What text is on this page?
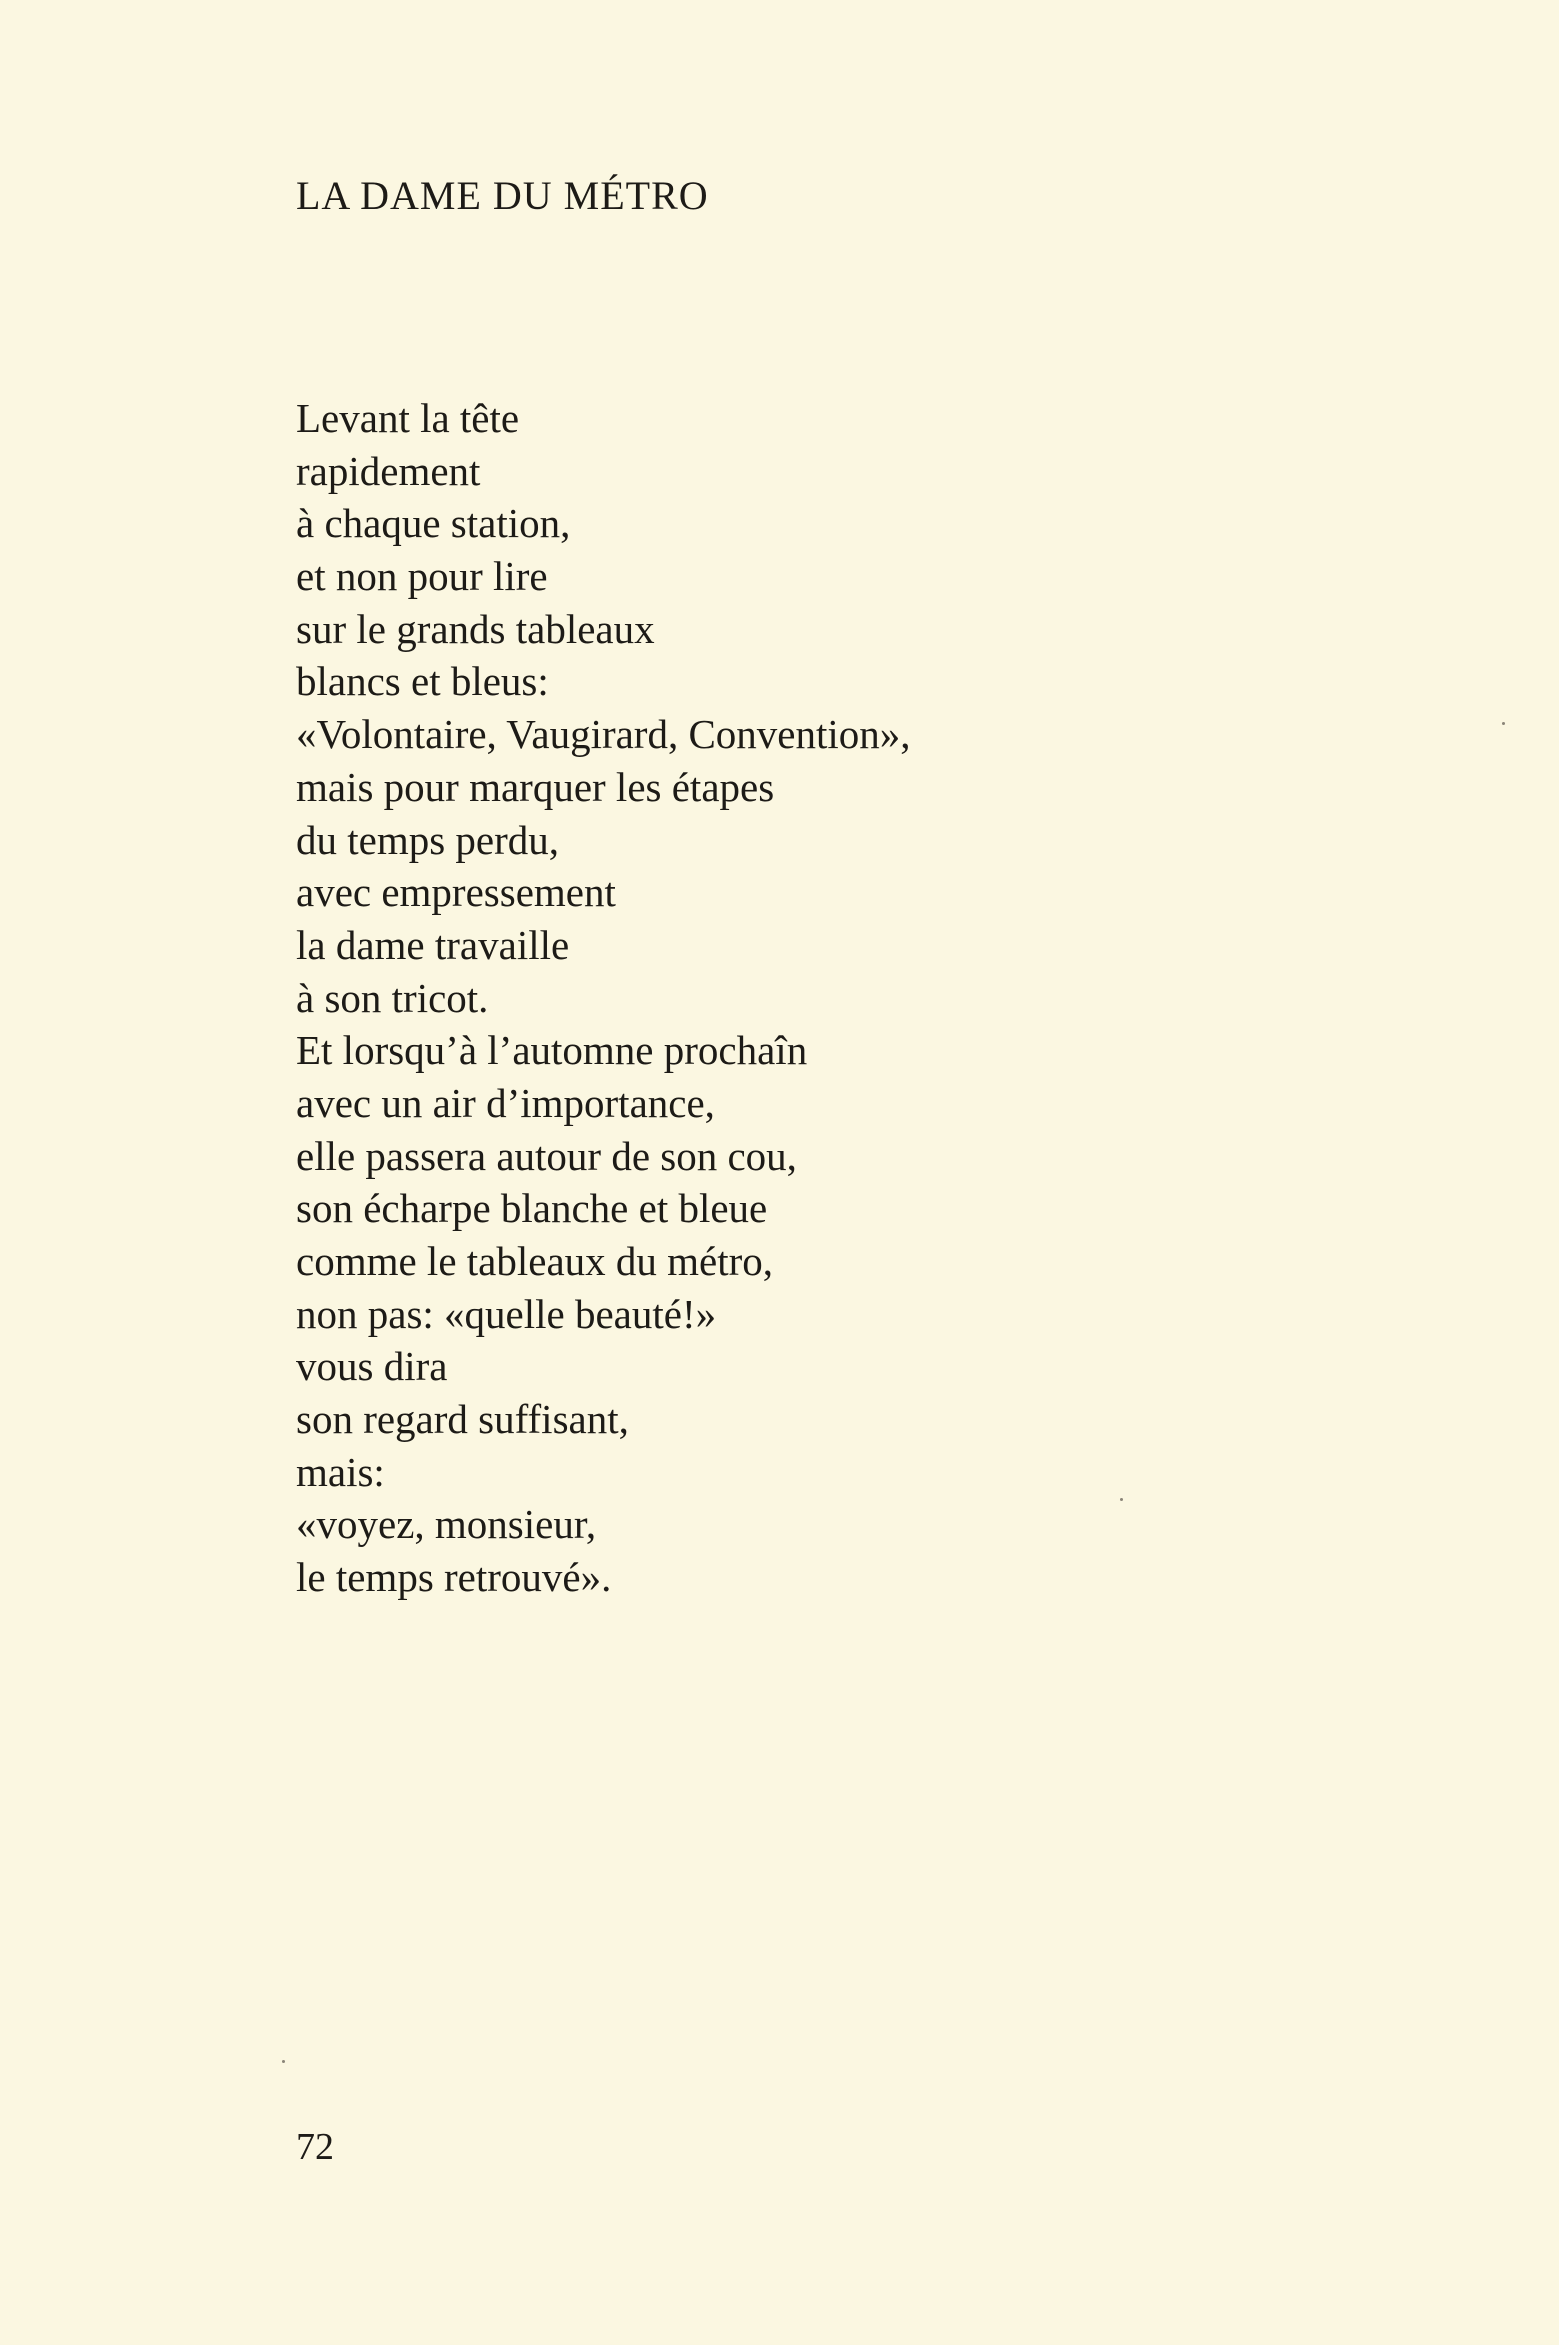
LA DAME DU MÉTRO
Levant la tête
rapidement
à chaque station,
et non pour lire
sur le grands tableaux
blancs et bleus:
«Volontaire, Vaugirard, Convention»,
mais pour marquer les étapes
du temps perdu,
avec empressement
la dame travaille
à son tricot.
Et lorsqu’à l’automne prochaîn
avec un air d’importance,
elle passera autour de son cou,
son écharpe blanche et bleue
comme le tableaux du métro,
non pas: «quelle beauté!»
vous dira
son regard suffisant,
mais:
«voyez, monsieur,
le temps retrouvé».
72
